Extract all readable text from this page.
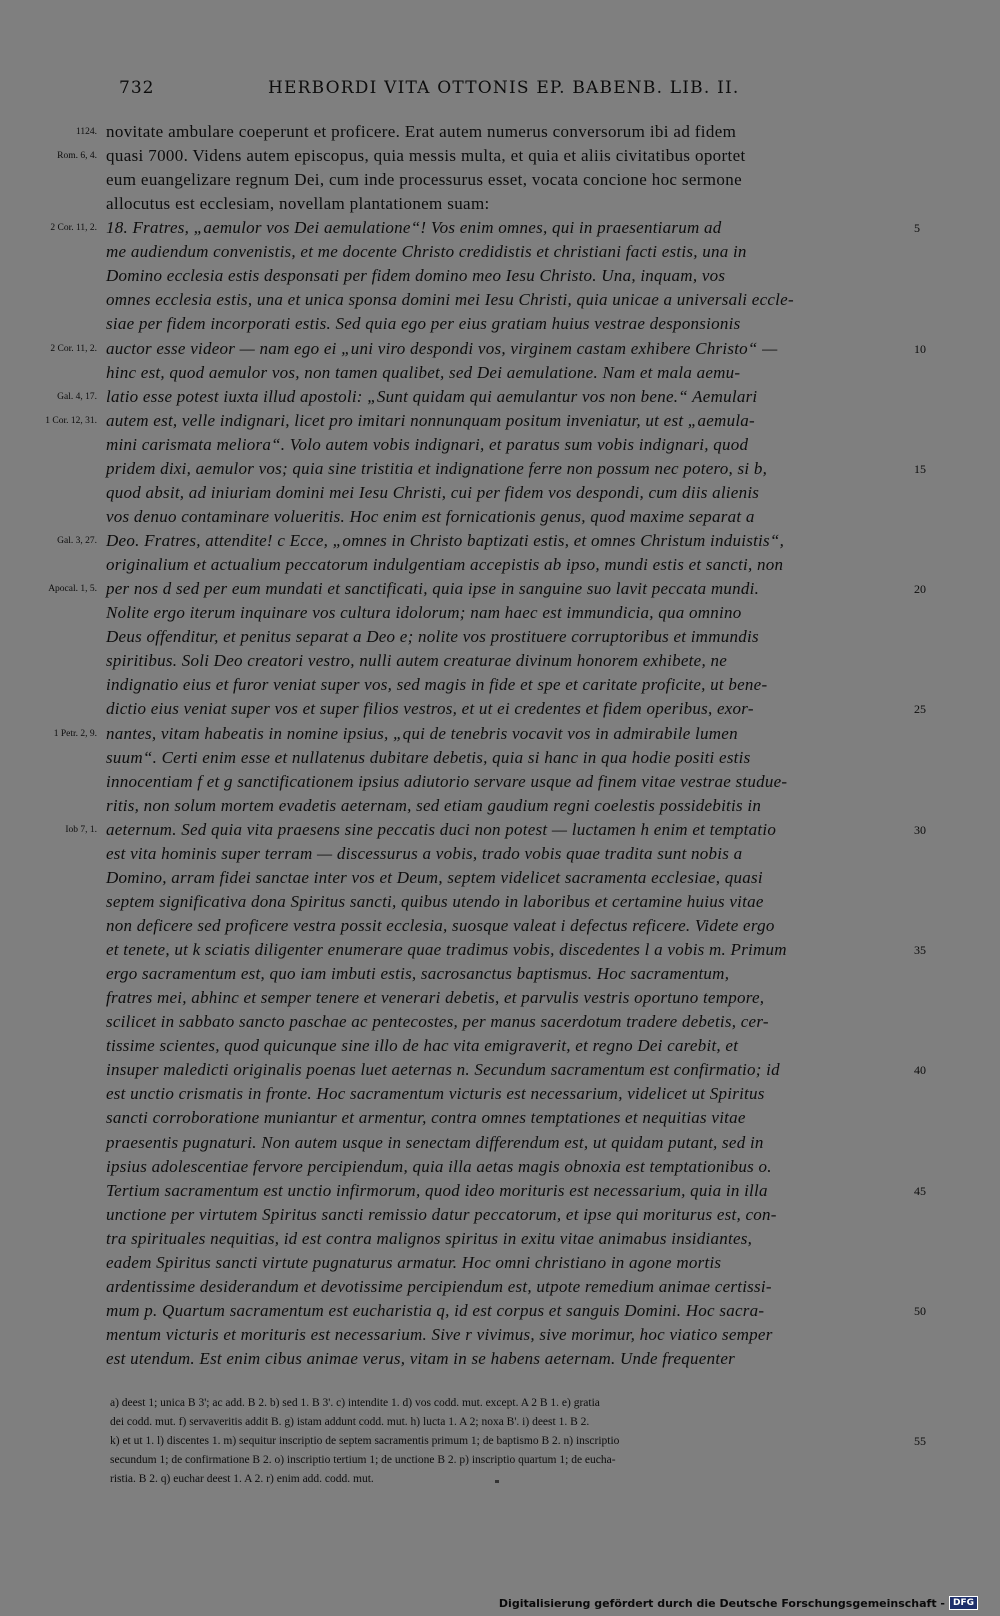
732	HERBORDI VITA OTTONIS EP. BABENB. LIB. II.
novitate ambulare coeperunt et proficere. Erat autem numerus conversorum ibi ad fidem
1124.
quasi 7000. Videns autem episcopus, quia messis multa, et quia et aliis civitatibus oportet
Rom. 6, 4.
eum euangelizare regnum Dei, cum inde processurus esset, vocata concione hoc sermone
allocutus est ecclesiam, novellam plantationem suam:
18. Fratres, „aemulor vos Dei aemulatione“! Vos enim omnes, qui in praesentiarum ad
2 Cor. 11, 2.	5
me audiendum convenistis, et me docente Christo credidistis et christiani facti estis, una in
Domino ecclesia estis desponsati per fidem domino meo Iesu Christo. Una, inquam, vos
omnes ecclesia estis, una et unica sponsa domini mei Iesu Christi, quia unicae a universali eccle-
siae per fidem incorporati estis. Sed quia ego per eius gratiam huius vestrae desponsionis
auctor esse videor — nam ego ei „uni viro despondi vos, virginem castam exhibere Christo“ —
2 Cor. 11, 2.	10
hinc est, quod aemulor vos, non tamen qualibet, sed Dei aemulatione. Nam et mala aemu-
latio esse potest iuxta illud apostoli: „Sunt quidam qui aemulantur vos non bene.“ Aemulari
Gal. 4, 17.
autem est, velle indignari, licet pro imitari nonnunquam positum inveniatur, ut est „aemula-
1 Cor. 12, 31.
mini carismata meliora“. Volo autem vobis indignari, et paratus sum vobis indignari, quod
pridem dixi, aemulor vos; quia sine tristitia et indignatione ferre non possum nec potero, si b,	15
quod absit, ad iniuriam domini mei Iesu Christi, cui per fidem vos despondi, cum diis alienis
vos denuo contaminare volueritis. Hoc enim est fornicationis genus, quod maxime separat a
Deo. Fratres, attendite! c Ecce, „omnes in Christo baptizati estis, et omnes Christum induistis“,
Gal. 3, 27.
originalium et actualium peccatorum indulgentiam accepistis ab ipso, mundi estis et sancti, non
per nos d sed per eum mundati et sanctificati, quia ipse in sanguine suo lavit peccata mundi.
Apocal. 1, 5.	20
Nolite ergo iterum inquinare vos cultura idolorum; nam haec est immundicia, qua omnino
Deus offenditur, et penitus separat a Deo e; nolite vos prostituere corruptoribus et immundis
spiritibus. Soli Deo creatori vestro, nulli autem creaturae divinum honorem exhibete, ne
indignatio eius et furor veniat super vos, sed magis in fide et spe et caritate proficite, ut bene-
dictio eius veniat super vos et super filios vestros, et ut ei credentes et fidem operibus, exor-	25
nantes, vitam habeatis in nomine ipsius, „qui de tenebris vocavit vos in admirabile lumen
1 Petr. 2, 9.
suum“. Certi enim esse et nullatenus dubitare debetis, quia si hanc in qua hodie positi estis
innocentiam f et g sanctificationem ipsius adiutorio servare usque ad finem vitae vestrae studue-
ritis, non solum mortem evadetis aeternam, sed etiam gaudium regni coelestis possidebitis in
aeternum. Sed quia vita praesens sine peccatis duci non potest — luctamen h enim et temptatio
Iob 7, 1.	30
est vita hominis super terram — discessurus a vobis, trado vobis quae tradita sunt nobis a
Domino, arram fidei sanctae inter vos et Deum, septem videlicet sacramenta ecclesiae, quasi
septem significativa dona Spiritus sancti, quibus utendo in laboribus et certamine huius vitae
non deficere sed proficere vestra possit ecclesia, suosque valeat i defectus reficere. Videte ergo
et tenete, ut k sciatis diligenter enumerare quae tradimus vobis, discedentes l a vobis m. Primum	35
ergo sacramentum est, quo iam imbuti estis, sacrosanctus baptismus. Hoc sacramentum,
fratres mei, abhinc et semper tenere et venerari debetis, et parvulis vestris oportuno tempore,
scilicet in sabbato sancto paschae ac pentecostes, per manus sacerdotum tradere debetis, cer-
tissime scientes, quod quicunque sine illo de hac vita emigraverit, et regno Dei carebit, et
insuper maledicti originalis poenas luet aeternas n. Secundum sacramentum est confirmatio; id	40
est unctio crismatis in fronte. Hoc sacramentum victuris est necessarium, videlicet ut Spiritus
sancti corroboratione muniantur et armentur, contra omnes temptationes et nequitias vitae
praesentis pugnaturi. Non autem usque in senectam differendum est, ut quidam putant, sed in
ipsius adolescentiae fervore percipiendum, quia illa aetas magis obnoxia est temptationibus o.
Tertium sacramentum est unctio infirmorum, quod ideo morituris est necessarium, quia in illa	45
unctione per virtutem Spiritus sancti remissio datur peccatorum, et ipse qui moriturus est, con-
tra spirituales nequitias, id est contra malignos spiritus in exitu vitae animabus insidiantes,
eadem Spiritus sancti virtute pugnaturus armatur. Hoc omni christiano in agone mortis
ardentissime desiderandum et devotissime percipiendum est, utpote remedium animae certissi-
mum p. Quartum sacramentum est eucharistia q, id est corpus et sanguis Domini. Hoc sacra-	50
mentum victuris et morituris est necessarium. Sive r vivimus, sive morimur, hoc viatico semper
est utendum. Est enim cibus animae verus, vitam in se habens aeternam. Unde frequenter
a) deest 1; unica B 3'; ac add. B 2. b) sed 1. B 3'. c) intendite 1. d) vos codd. mut. except. A 2 B 1. e) gratia
dei codd. mut. f) servaveritis addit B. g) istam addunt codd. mut. h) lucta 1. A 2; noxa B'. i) deest 1. B 2.
k) et ut 1. l) discentes 1. m) sequitur inscriptio de septem sacramentis primum 1; de baptismo B 2. n) inscriptio	55
secundum 1; de confirmatione B 2. o) inscriptio tertium 1; de unctione B 2. p) inscriptio quartum 1; de eucha-
ristia. B 2. q) euchar deest 1. A 2. r) enim add. codd. mut.
Digitalisierung gefördert durch die Deutsche Forschungsgemeinschaft - DFG
